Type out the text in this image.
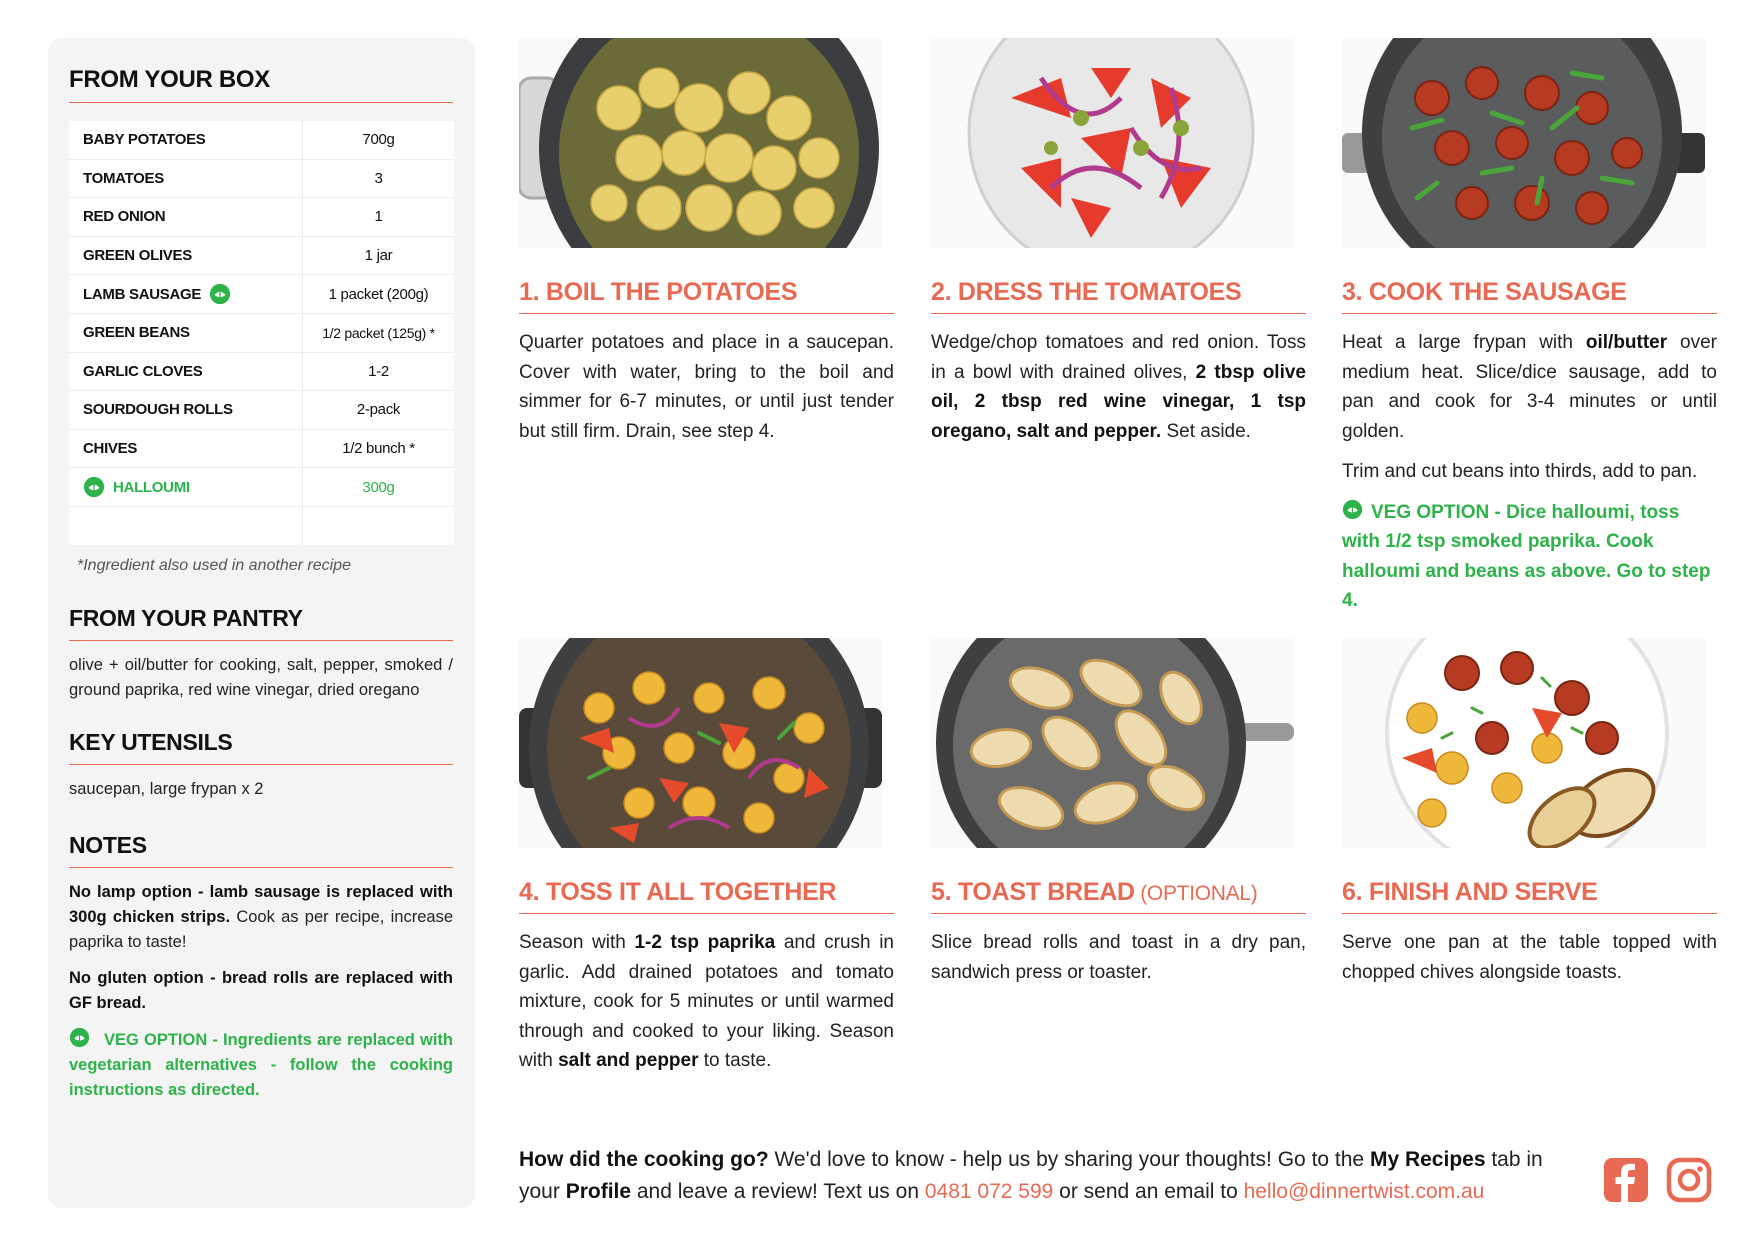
FROM YOUR BOX
BABY POTATOES	700g
TOMATOES	3
RED ONION	1
GREEN OLIVES	1 jar
LAMB SAUSAGE	1 packet (200g)
GREEN BEANS	1/2 packet (125g) *
GARLIC CLOVES	1-2
SOURDOUGH ROLLS	2-pack
CHIVES	1/2 bunch *
HALLOUMI	300g

*Ingredient also used in another recipe

FROM YOUR PANTRY

olive + oil/butter for cooking, salt, pepper, smoked / ground paprika, red wine vinegar, dried oregano

KEY UTENSILS

saucepan, large frypan x 2

NOTES

No lamp option - lamb sausage is replaced with 300g chicken strips. Cook as per recipe, increase paprika to taste!

No gluten option - bread rolls are replaced with GF bread.

VEG OPTION - Ingredients are replaced with vegetarian alternatives - follow the cooking instructions as directed.

1. BOIL THE POTATOES

Quarter potatoes and place in a saucepan. Cover with water, bring to the boil and simmer for 6-7 minutes, or until just tender but still firm. Drain, see step 4.

2. DRESS THE TOMATOES

Wedge/chop tomatoes and red onion. Toss in a bowl with drained olives, 2 tbsp olive oil, 2 tbsp red wine vinegar, 1 tsp oregano, salt and pepper. Set aside.

3. COOK THE SAUSAGE

Heat a large frypan with oil/butter over medium heat. Slice/dice sausage, add to pan and cook for 3-4 minutes or until golden.

Trim and cut beans into thirds, add to pan.

VEG OPTION - Dice halloumi, toss with 1/2 tsp smoked paprika. Cook halloumi and beans as above. Go to step 4.

4. TOSS IT ALL TOGETHER

Season with 1-2 tsp paprika and crush in garlic. Add drained potatoes and tomato mixture, cook for 5 minutes or until warmed through and cooked to your liking. Season with salt and pepper to taste.

5. TOAST BREAD (OPTIONAL)

Slice bread rolls and toast in a dry pan, sandwich press or toaster.

6. FINISH AND SERVE

Serve one pan at the table topped with chopped chives alongside toasts.

How did the cooking go? We'd love to know - help us by sharing your thoughts! Go to the My Recipes tab in your Profile and leave a review! Text us on 0481 072 599 or send an email to hello@dinnertwist.com.au
